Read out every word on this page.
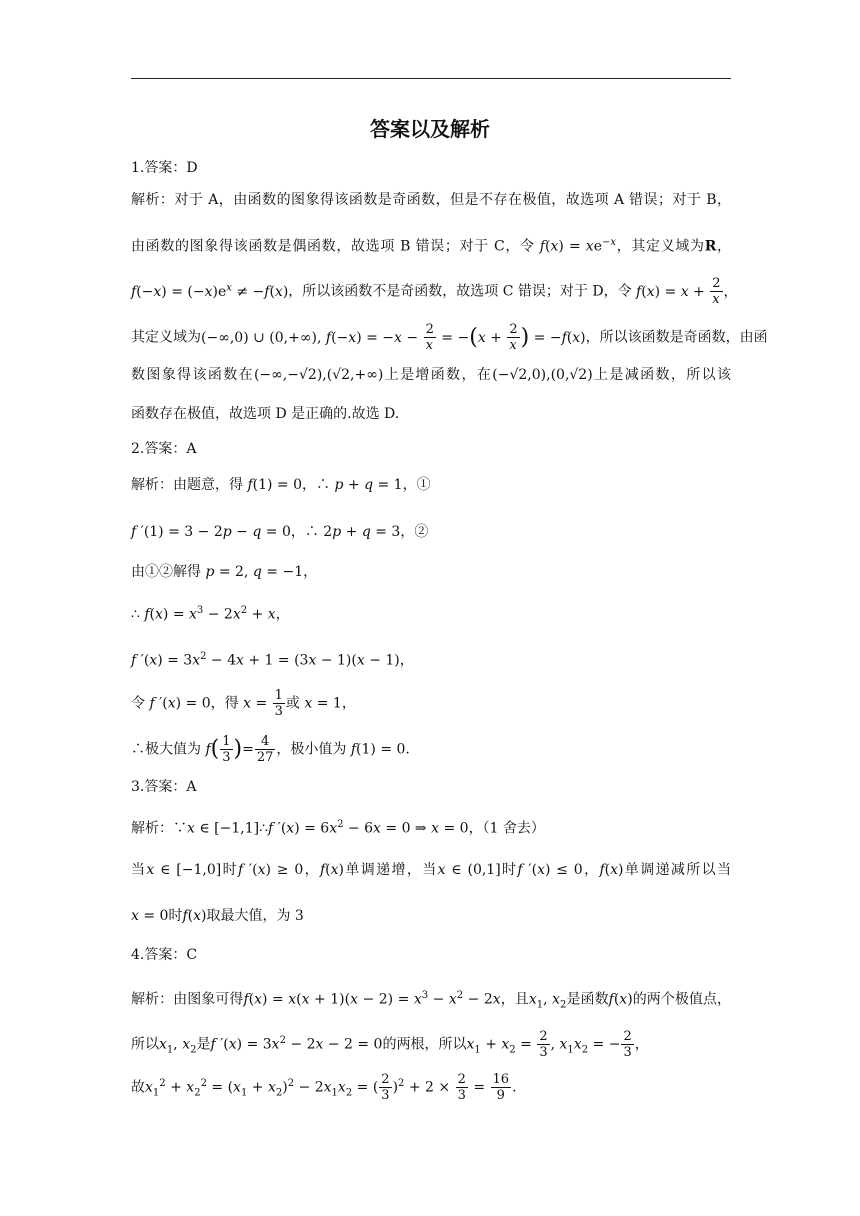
答案以及解析
1.答案：D
解析：对于 A，由函数的图象得该函数是奇函数，但是不存在极值，故选项 A 错误；对于 B，
由函数的图象得该函数是偶函数，故选项 B 错误；对于 C，令 $f(x) = xe^{-x}$，其定义域为R，
$f(-x) = (-x)e^x \ne -f(x)$，所以该函数不是奇函数，故选项 C 错误；对于 D，令 $f(x) = x + \frac{2}{x}$ ，
其定义域为(−∞,0) ∪ (0,+∞), $f(-x) = -x - \frac{2}{x} = -(x + \frac{2}{x}$ ) = −f(x)，所以该函数是奇函数，由函
数图象得该函数在(−∞,−√2),(√2,+∞)上是增函数，在(−√2,0),(0,√2)上是减函数，所以该
函数存在极值，故选项 D 是正确的.故选 D.
2.答案：A
解析：由题意，得 f(1) = 0，∴ p + q = 1，①
f ′(1) = 3 − 2p − q = 0，∴ 2p + q = 3，②
由①②解得 p = 2, q = −1，
∴ $f(x) = x^3 - 2x^2 + x$，
f $'(x) = 3x^2 - 4x + 1 = (3x - 1)(x - 1)$，
令 f ′(x) = 0，得 $x = \frac{1}{3}$ 或 x = 1，
∴极大值为 $f( \frac{1}{3}$ )= $\frac{4}{27}$ ，极小值为 f(1) = 0.
3.答案：A
解析：∵x ∈ [−1,1]∴f $'(x) = 6x^2 - 6x = 0$ ⇒ x = 0，（1 舍去）
当x ∈ [−1,0]时f ′(x) ≥ 0，f(x)单调递增，当x ∈ (0,1]时f ′(x) ≤ 0，f(x)单调递减所以当
x = 0时f(x)取最大值，为 3
4.答案：C
解析：由图象可得$f(x) = x(x + 1)(x - 2) = x^3 - x^2 - 2x$，且$x_1$, $x_2$是函数f(x)的两个极值点，
所以$x_1$, $x_2$是f $'(x) = 3x^2 - 2x - 2 = 0$的两根，所以$x_1 + x_2 = \frac{2}{3}$ , $x_1x_2$ = − $\frac{2}{3}$ ，
故$x_1^2 + x_2^2 = (x_1 + x_2)^2 - 2x_1x_2$ = ( $\frac{2}{3} )^2 + 2 \times \frac{2}{3} = \frac{16}{9}$ .
